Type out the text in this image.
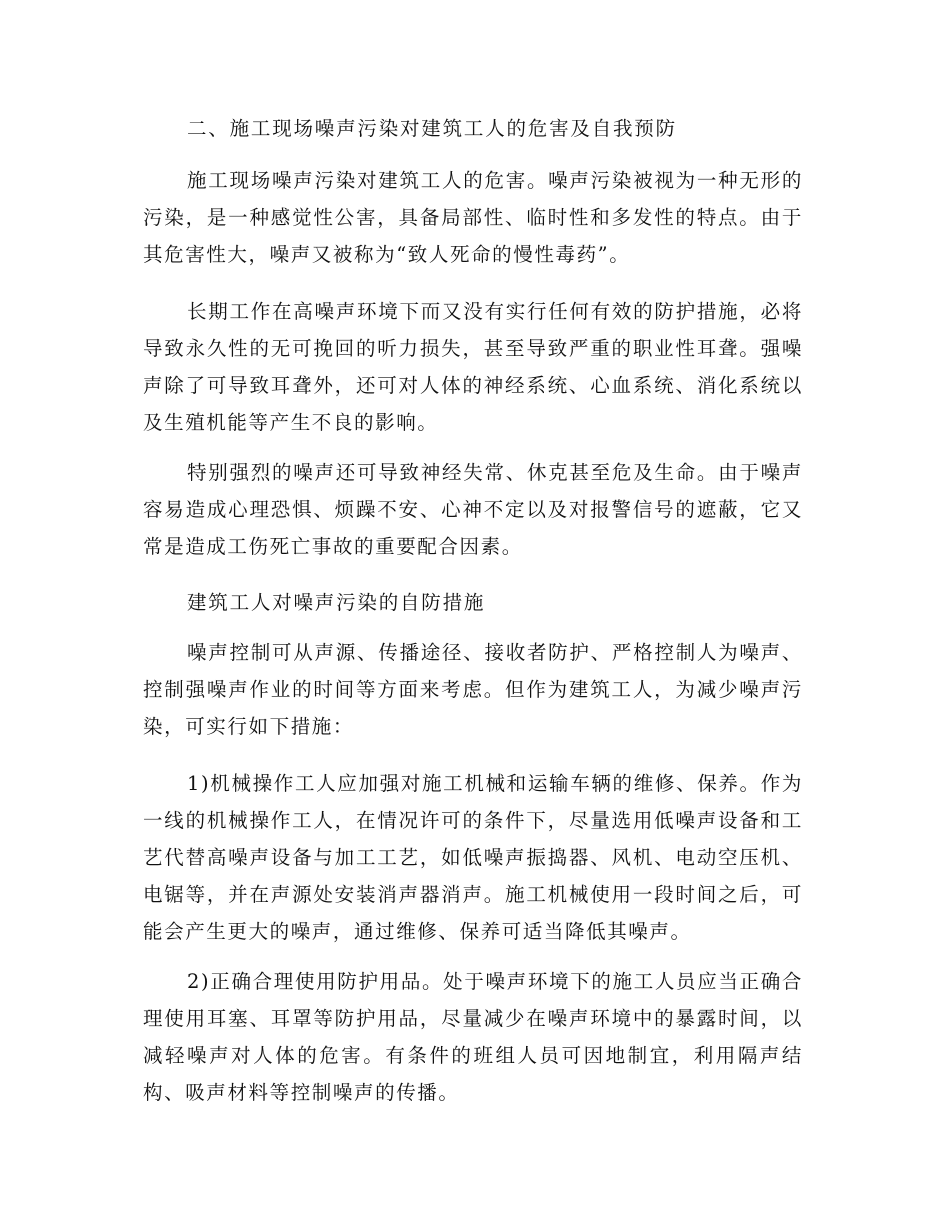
二、施工现场噪声污染对建筑工人的危害及自我预防

施工现场噪声污染对建筑工人的危害。噪声污染被视为一种无形的污染，是一种感觉性公害，具备局部性、临时性和多发性的特点。由于其危害性大，噪声又被称为“致人死命的慢性毒药”。

长期工作在高噪声环境下而又没有实行任何有效的防护措施，必将导致永久性的无可挽回的听力损失，甚至导致严重的职业性耳聋。强噪声除了可导致耳聋外，还可对人体的神经系统、心血系统、消化系统以及生殖机能等产生不良的影响。

特别强烈的噪声还可导致神经失常、休克甚至危及生命。由于噪声容易造成心理恐惧、烦躁不安、心神不定以及对报警信号的遮蔽，它又常是造成工伤死亡事故的重要配合因素。

建筑工人对噪声污染的自防措施

噪声控制可从声源、传播途径、接收者防护、严格控制人为噪声、控制强噪声作业的时间等方面来考虑。但作为建筑工人，为减少噪声污染，可实行如下措施：

1)机械操作工人应加强对施工机械和运输车辆的维修、保养。作为一线的机械操作工人，在情况许可的条件下，尽量选用低噪声设备和工艺代替高噪声设备与加工工艺，如低噪声振捣器、风机、电动空压机、电锯等，并在声源处安装消声器消声。施工机械使用一段时间之后，可能会产生更大的噪声，通过维修、保养可适当降低其噪声。

2)正确合理使用防护用品。处于噪声环境下的施工人员应当正确合理使用耳塞、耳罩等防护用品，尽量减少在噪声环境中的暴露时间，以减轻噪声对人体的危害。有条件的班组人员可因地制宜，利用隔声结构、吸声材料等控制噪声的传播。
